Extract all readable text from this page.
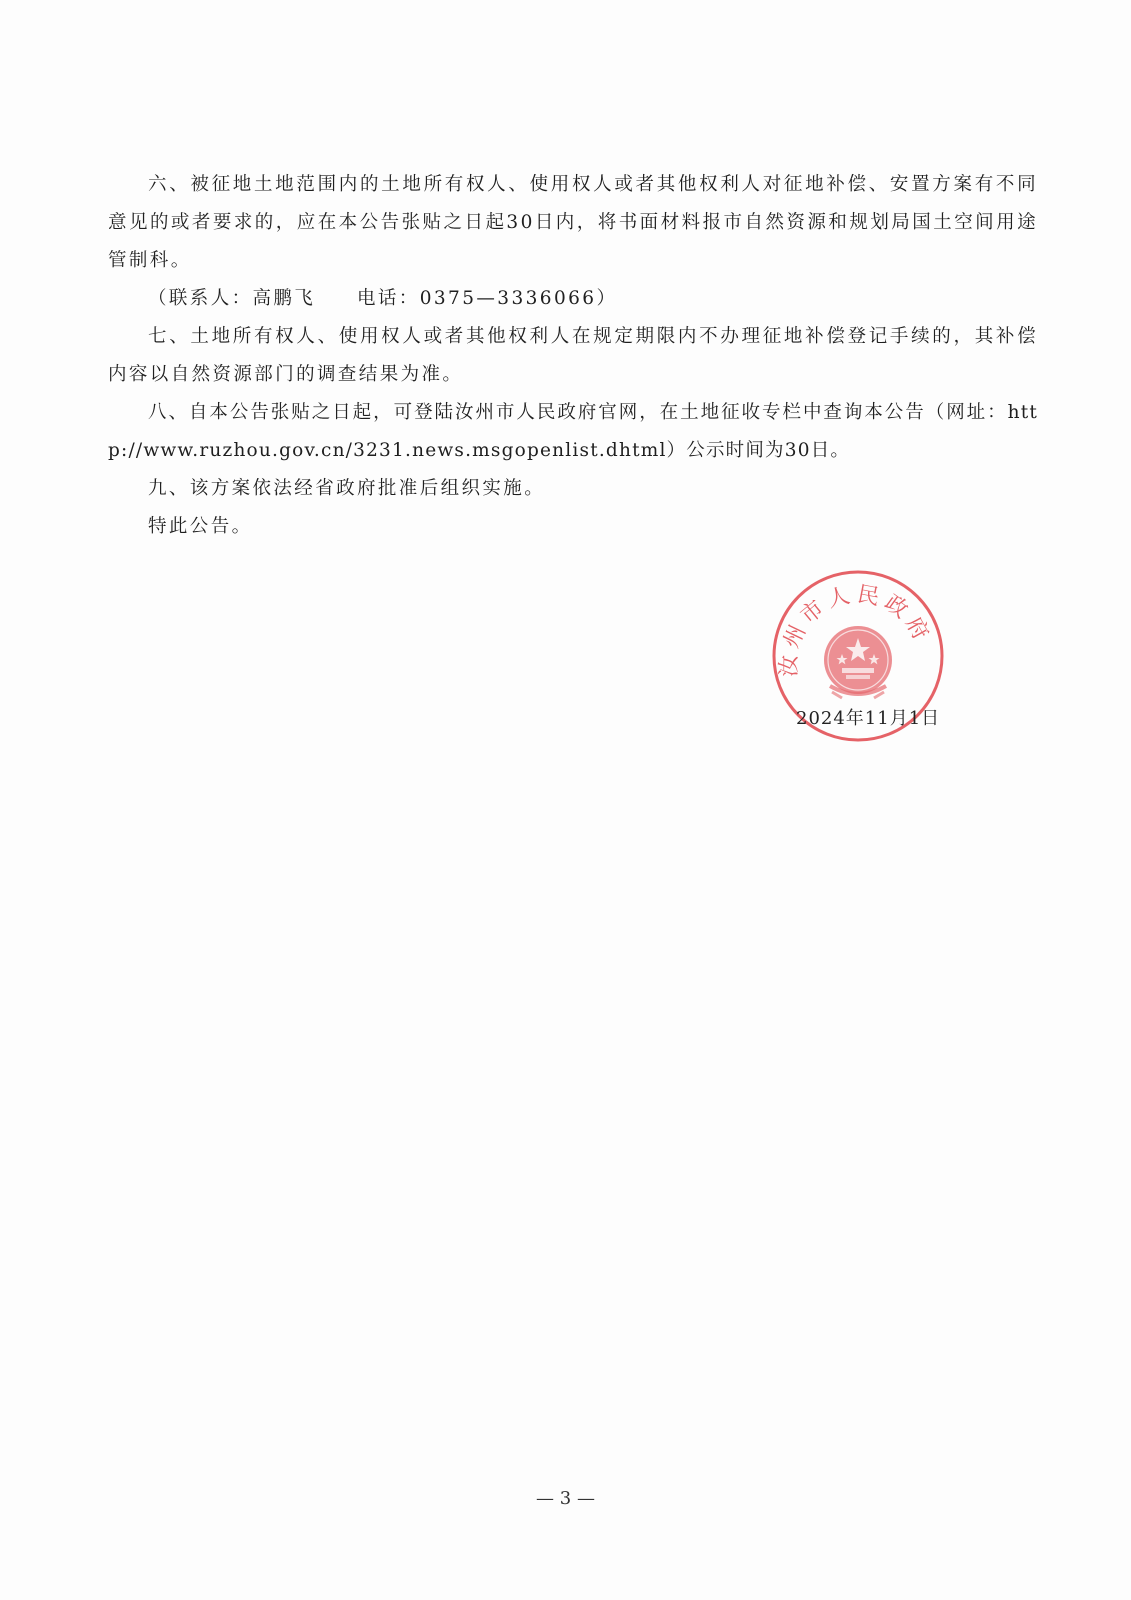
六、被征地土地范围内的土地所有权人、使用权人或者其他权利人对征地补偿、安置方案有不同意见的或者要求的，应在本公告张贴之日起30日内，将书面材料报市自然资源和规划局国土空间用途管制科。

（联系人：高鹏飞　　电话：0375—3336066）

七、土地所有权人、使用权人或者其他权利人在规定期限内不办理征地补偿登记手续的，其补偿内容以自然资源部门的调查结果为准。

八、自本公告张贴之日起，可登陆汝州市人民政府官网，在土地征收专栏中查询本公告（网址：http://www.ruzhou.gov.cn/3231.news.msgopenlist.dhtml）公示时间为30日。

九、该方案依法经省政府批准后组织实施。

特此公告。

汝州市人民政府
2024年11月1日
— 3 —
